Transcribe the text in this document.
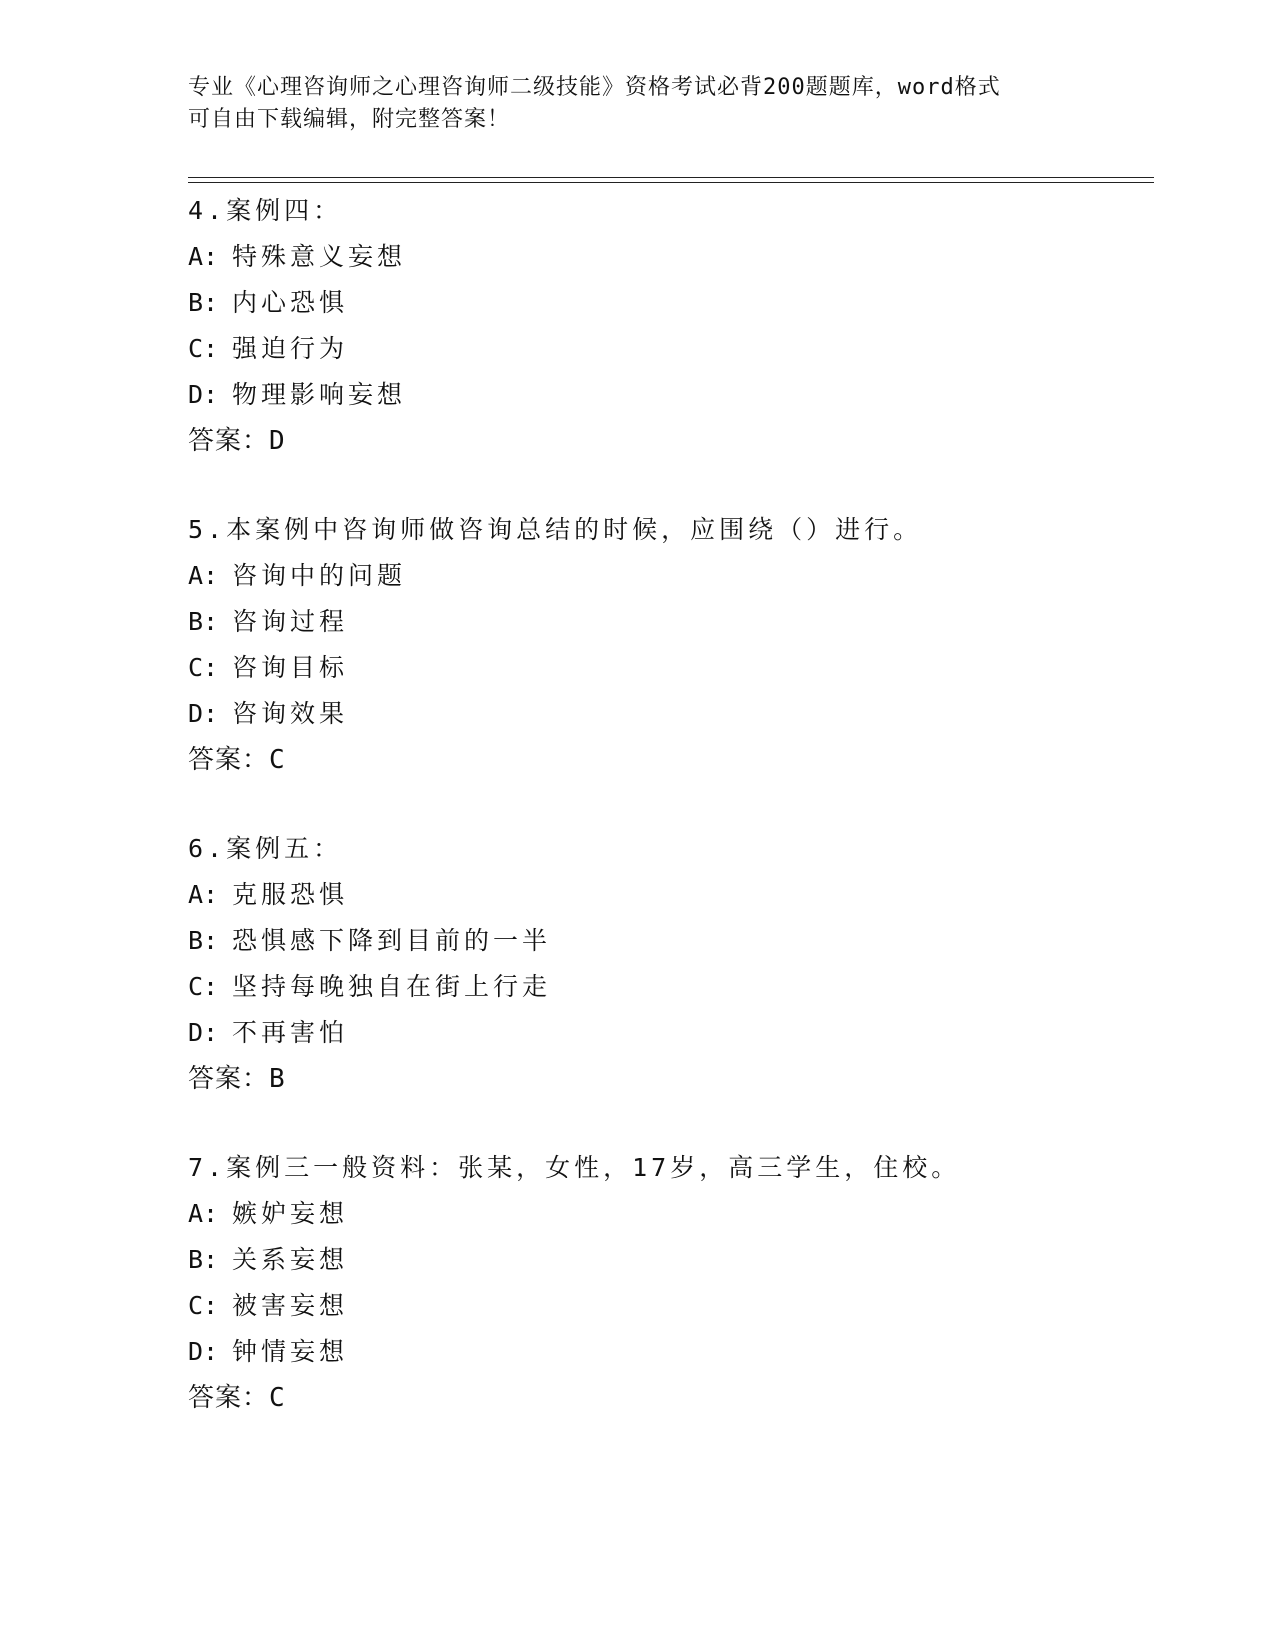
专业《心理咨询师之心理咨询师二级技能》资格考试必背200题题库，word格式
可自由下载编辑，附完整答案！
4.案例四：
A: 特殊意义妄想
B: 内心恐惧
C: 强迫行为
D: 物理影响妄想
答案：D
5.本案例中咨询师做咨询总结的时候，应围绕（）进行。
A: 咨询中的问题
B: 咨询过程
C: 咨询目标
D: 咨询效果
答案：C
6.案例五：
A: 克服恐惧
B: 恐惧感下降到目前的一半
C: 坚持每晚独自在街上行走
D: 不再害怕
答案：B
7.案例三一般资料：张某，女性，17岁，高三学生，住校。
A: 嫉妒妄想
B: 关系妄想
C: 被害妄想
D: 钟情妄想
答案：C
